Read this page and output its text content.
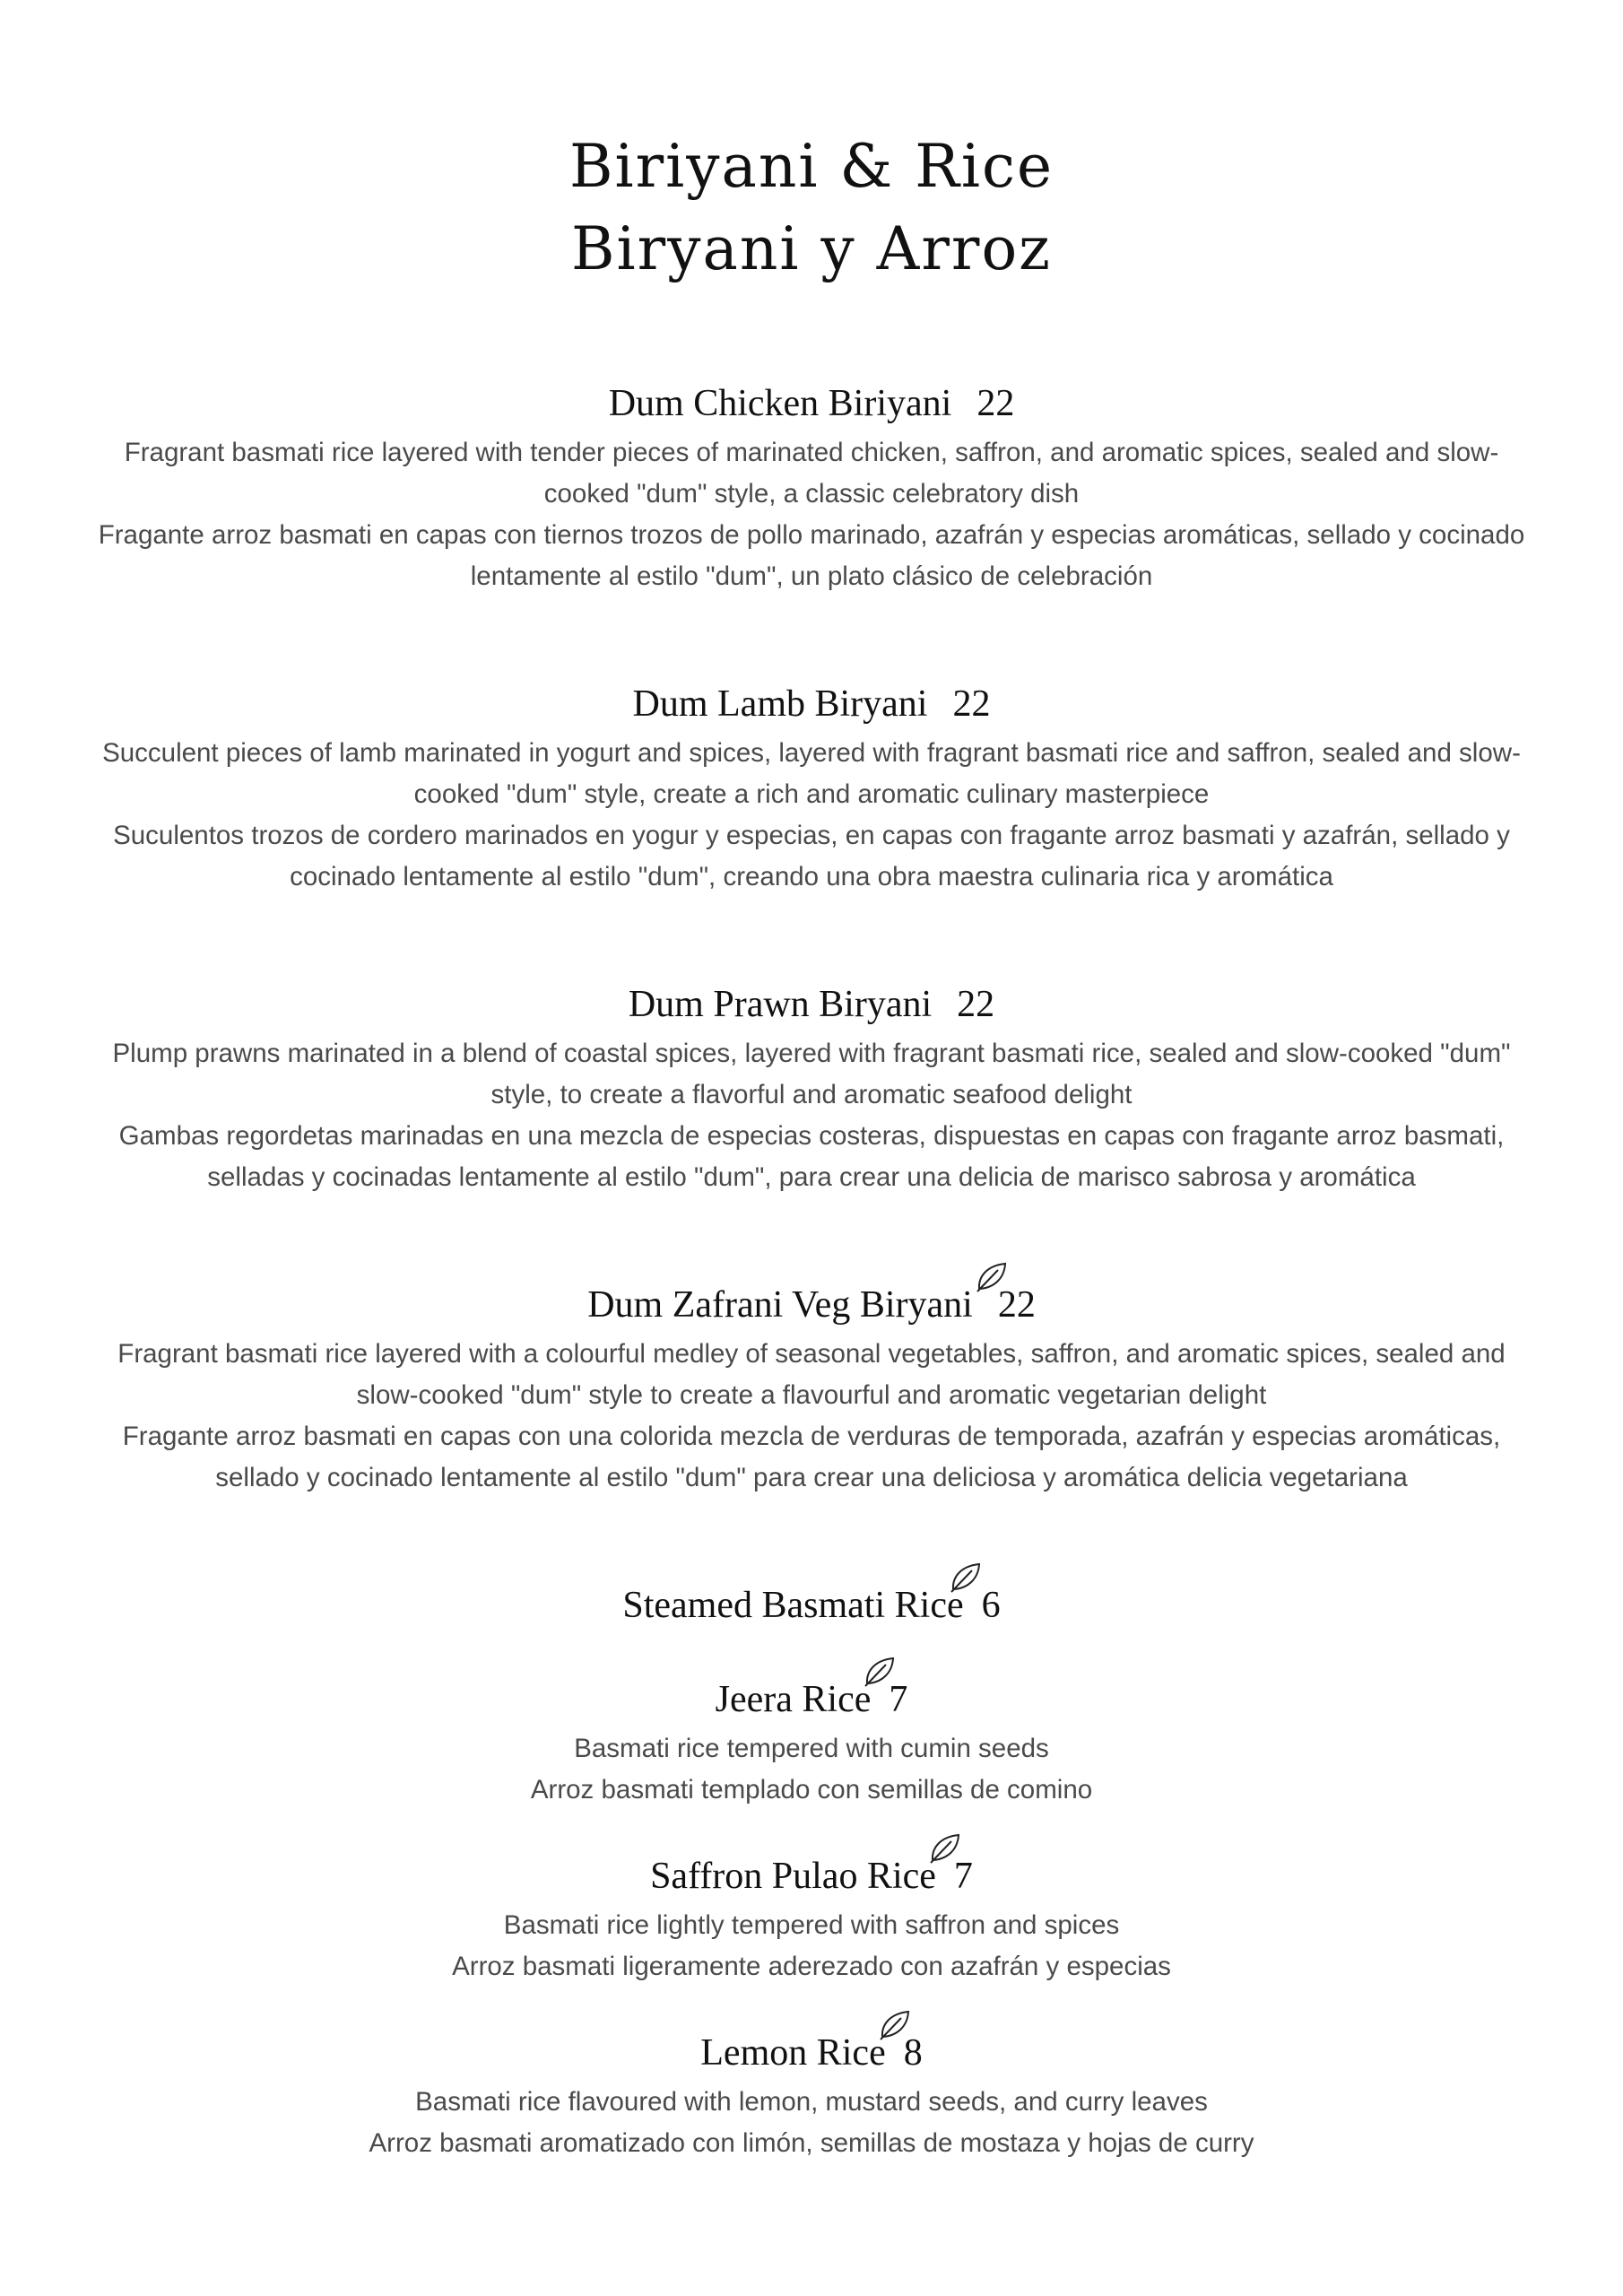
Biriyani & Rice
Biryani y Arroz
Dum Chicken Biriyani 22

Fragrant basmati rice layered with tender pieces of marinated chicken, saffron, and aromatic spices, sealed and slow-cooked "dum" style, a classic celebratory dish

Fragante arroz basmati en capas con tiernos trozos de pollo marinado, azafrán y especias aromáticas, sellado y cocinado lentamente al estilo "dum", un plato clásico de celebración

Dum Lamb Biryani 22

Succulent pieces of lamb marinated in yogurt and spices, layered with fragrant basmati rice and saffron, sealed and slow-cooked "dum" style, create a rich and aromatic culinary masterpiece

Suculentos trozos de cordero marinados en yogur y especias, en capas con fragante arroz basmati y azafrán, sellado y cocinado lentamente al estilo "dum", creando una obra maestra culinaria rica y aromática

Dum Prawn Biryani 22

Plump prawns marinated in a blend of coastal spices, layered with fragrant basmati rice, sealed and slow-cooked "dum" style, to create a flavorful and aromatic seafood delight

Gambas regordetas marinadas en una mezcla de especias costeras, dispuestas en capas con fragante arroz basmati, selladas y cocinadas lentamente al estilo "dum", para crear una delicia de marisco sabrosa y aromática

Dum Zafrani Veg Biryani 22

Fragrant basmati rice layered with a colourful medley of seasonal vegetables, saffron, and aromatic spices, sealed and slow-cooked "dum" style to create a flavourful and aromatic vegetarian delight

Fragante arroz basmati en capas con una colorida mezcla de verduras de temporada, azafrán y especias aromáticas, sellado y cocinado lentamente al estilo "dum" para crear una deliciosa y aromática delicia vegetariana

Steamed Basmati Rice 6
Jeera Rice 7

Basmati rice tempered with cumin seeds

Arroz basmati templado con semillas de comino

Saffron Pulao Rice 7

Basmati rice lightly tempered with saffron and spices

Arroz basmati ligeramente aderezado con azafrán y especias

Lemon Rice 8

Basmati rice flavoured with lemon, mustard seeds, and curry leaves

Arroz basmati aromatizado con limón, semillas de mostaza y hojas de curry
